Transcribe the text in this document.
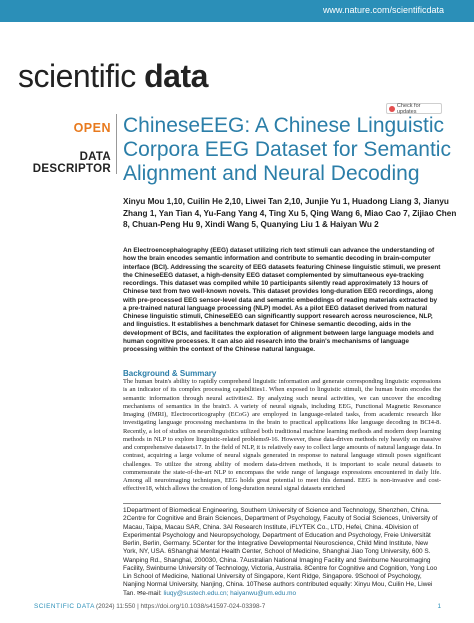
www.nature.com/scientificdata
scientific data
Check for updates
OPEN
DATA DESCRIPTOR
ChineseEEG: A Chinese Linguistic Corpora EEG Dataset for Semantic Alignment and Neural Decoding
Xinyu Mou 1,10, Cuilin He 2,10, Liwei Tan 2,10, Junjie Yu 1, Huadong Liang 3, Jianyu Zhang 1, Yan Tian 4, Yu-Fang Yang 4, Ting Xu 5, Qing Wang 6, Miao Cao 7, Zijiao Chen 8, Chuan-Peng Hu 9, Xindi Wang 5, Quanying Liu 1 & Haiyan Wu 2
An Electroencephalography (EEG) dataset utilizing rich text stimuli can advance the understanding of how the brain encodes semantic information and contribute to semantic decoding in brain-computer interface (BCI). Addressing the scarcity of EEG datasets featuring Chinese linguistic stimuli, we present the ChineseEEG dataset, a high-density EEG dataset complemented by simultaneous eye-tracking recordings. This dataset was compiled while 10 participants silently read approximately 13 hours of Chinese text from two well-known novels. This dataset provides long-duration EEG recordings, along with pre-processed EEG sensor-level data and semantic embeddings of reading materials extracted by a pre-trained natural language processing (NLP) model. As a pilot EEG dataset derived from natural Chinese linguistic stimuli, ChineseEEG can significantly support research across neuroscience, NLP, and linguistics. It establishes a benchmark dataset for Chinese semantic decoding, aids in the development of BCIs, and facilitates the exploration of alignment between large language models and human cognitive processes. It can also aid research into the brain's mechanisms of language processing within the context of the Chinese natural language.
Background & Summary
The human brain's ability to rapidly comprehend linguistic information and generate corresponding linguistic expressions is an indicator of its complex processing capabilities1. When exposed to linguistic stimuli, the human brain encodes the semantic information through neural activities2. By analyzing such neural activities, we can uncover the encoding mechanisms of semantics in the brain3. A variety of neural signals, including EEG, Functional Magnetic Resonance Imaging (fMRI), Electrocorticography (ECoG) are employed in language-related tasks, from academic research like investigating language processing mechanisms in the brain to practical applications like language decoding in BCI4-8. Recently, a lot of studies on neurolinguistics utilized both traditional machine learning methods and modern deep learning methods in NLP to explore linguistic-related problems9-16. However, these data-driven methods rely heavily on massive and comprehensive datasets17. In the field of NLP, it is relatively easy to collect large amounts of natural language data. In contrast, acquiring a large volume of neural signals generated in response to natural language stimuli poses significant challenges. To utilize the strong ability of modern data-driven methods, it is important to scale neural datasets to commensurate the state-of-the-art NLP to encompass the wide range of language expressions encountered in daily life. Among all neuroimaging techniques, EEG holds great potential to meet this demand. EEG is non-invasive and cost-effective18, which allows the creation of long-duration neural signal datasets enriched
1Department of Biomedical Engineering, Southern University of Science and Technology, Shenzhen, China. 2Centre for Cognitive and Brain Sciences, Department of Psychology, Faculty of Social Sciences, University of Macau, Taipa, Macau SAR, China. 3AI Research Institute, iFLYTEK Co., LTD, Hefei, China. 4Division of Experimental Psychology and Neuropsychology, Department of Education and Psychology, Freie Universität Berlin, Berlin, Germany. 5Center for the Integrative Developmental Neuroscience, Child Mind Institute, New York, NY, USA. 6Shanghai Mental Health Center, School of Medicine, Shanghai Jiao Tong University, 600 S. Wanping Rd., Shanghai, 200030, China. 7Australian National Imaging Facility and Swinburne Neuroimaging Facility, Swinburne University of Technology, Victoria, Australia. 8Centre for Cognitive and Cognition, Yong Loo Lin School of Medicine, National University of Singapore, Kent Ridge, Singapore. 9School of Psychology, Nanjing Normal University, Nanjing, China. 10These authors contributed equally: Xinyu Mou, Cuilin He, Liwei Tan. ✉e-mail: liuqy@sustech.edu.cn; haiyanwu@um.edu.mo
SCIENTIFIC DATA (2024) 11:550 | https://doi.org/10.1038/s41597-024-03398-7	1
